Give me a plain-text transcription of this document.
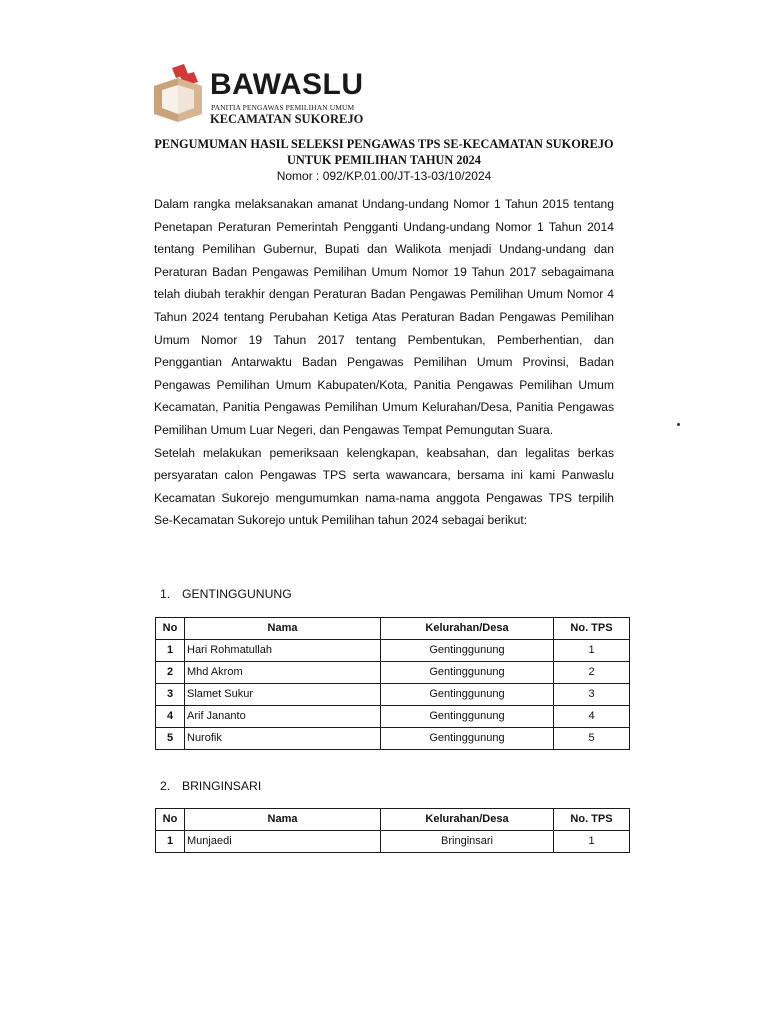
BAWASLU
PANITIA PENGAWAS PEMILIHAN UMUM
KECAMATAN SUKOREJO
PENGUMUMAN HASIL SELEKSI PENGAWAS TPS SE-KECAMATAN SUKOREJO
UNTUK PEMILIHAN TAHUN 2024
Nomor : 092/KP.01.00/JT-13-03/10/2024

Dalam rangka melaksanakan amanat Undang-undang Nomor 1 Tahun 2015 tentang Penetapan Peraturan Pemerintah Pengganti Undang-undang Nomor 1 Tahun 2014 tentang Pemilihan Gubernur, Bupati dan Walikota menjadi Undang-undang dan Peraturan Badan Pengawas Pemilihan Umum Nomor 19 Tahun 2017 sebagaimana telah diubah terakhir dengan Peraturan Badan Pengawas Pemilihan Umum Nomor 4 Tahun 2024 tentang Perubahan Ketiga Atas Peraturan Badan Pengawas Pemilihan Umum Nomor 19 Tahun 2017 tentang Pembentukan, Pemberhentian, dan Penggantian Antarwaktu Badan Pengawas Pemilihan Umum Provinsi, Badan Pengawas Pemilihan Umum Kabupaten/Kota, Panitia Pengawas Pemilihan Umum Kecamatan, Panitia Pengawas Pemilihan Umum Kelurahan/Desa, Panitia Pengawas Pemilihan Umum Luar Negeri, dan Pengawas Tempat Pemungutan Suara.

Setelah melakukan pemeriksaan kelengkapan, keabsahan, dan legalitas berkas persyaratan calon Pengawas TPS serta wawancara, bersama ini kami Panwaslu Kecamatan Sukorejo mengumumkan nama-nama anggota Pengawas TPS terpilih Se-Kecamatan Sukorejo untuk Pemilihan tahun 2024 sebagai berikut:

1. GENTINGGUNUNG
No	Nama	Kelurahan/Desa	No. TPS
1	Hari Rohmatullah	Gentinggunung	1
2	Mhd Akrom	Gentinggunung	2
3	Slamet Sukur	Gentinggunung	3
4	Arif Jananto	Gentinggunung	4
5	Nurofik	Gentinggunung	5
2. BRINGINSARI
No	Nama	Kelurahan/Desa	No. TPS
1	Munjaedi	Bringinsari	1
